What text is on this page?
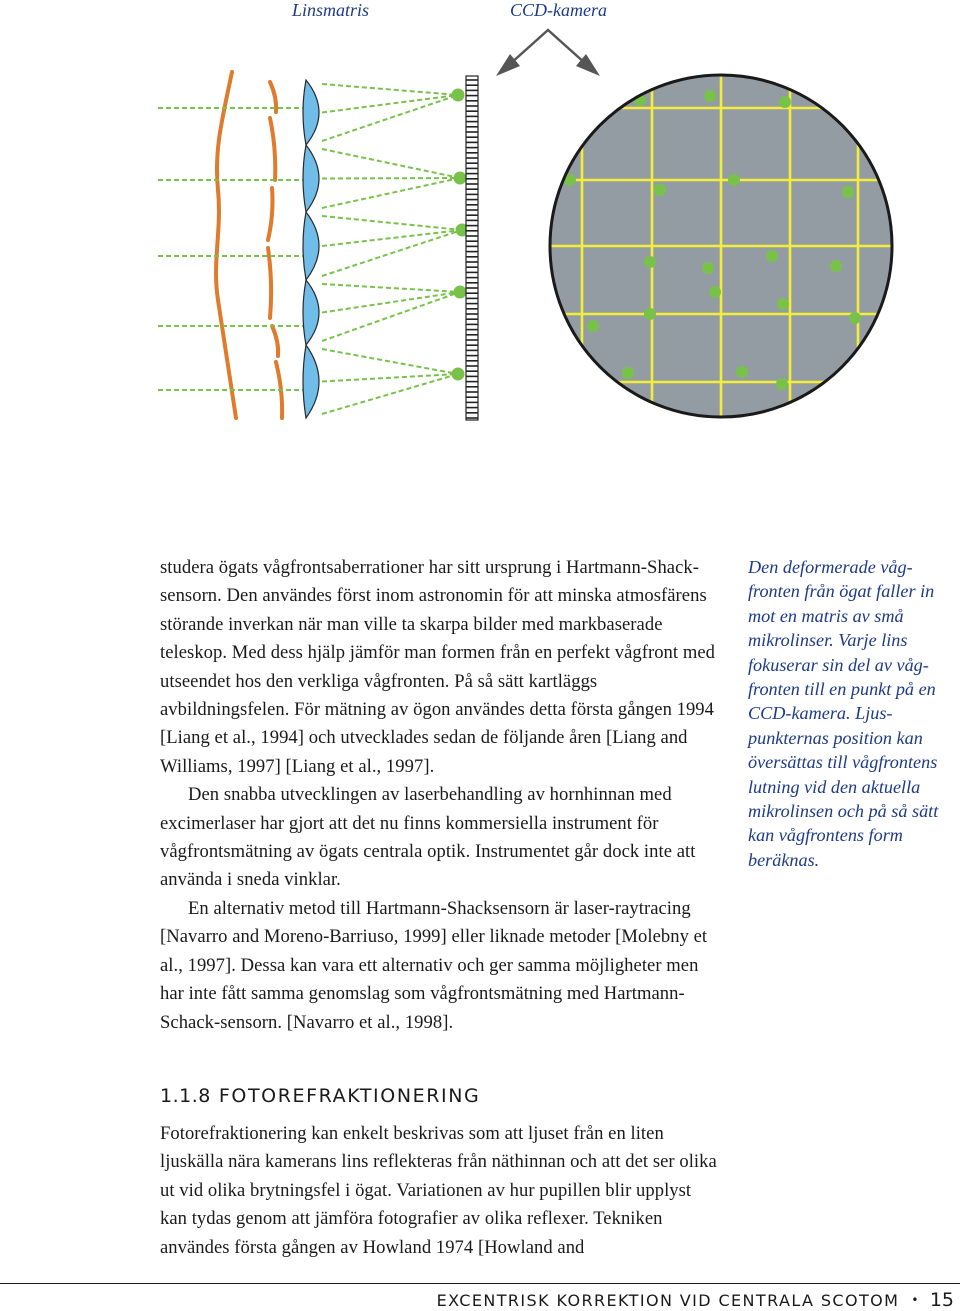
Linsmatris	CCD-kamera

studera ögats vågfrontsaberrationer har sitt ursprung i Hartmann-Shack-sensorn. Den användes först inom astronomin för att minska atmosfärens störande inverkan när man ville ta skarpa bilder med markbaserade teleskop. Med dess hjälp jämför man formen från en perfekt vågfront med utseendet hos den verkliga vågfronten. På så sätt kartläggs avbildningsfelen. För mätning av ögon användes detta första gången 1994 [Liang et al., 1994] och utvecklades sedan de följande åren [Liang and Williams, 1997] [Liang et al., 1997].

Den snabba utvecklingen av laserbehandling av hornhinnan med excimerlaser har gjort att det nu finns kommersiella instrument för vågfrontsmätning av ögats centrala optik. Instrumentet går dock inte att använda i sneda vinklar.

En alternativ metod till Hartmann-Shacksensorn är laser-raytracing [Navarro and Moreno-Barriuso, 1999] eller liknade metoder [Molebny et al., 1997]. Dessa kan vara ett alternativ och ger samma möjligheter men har inte fått samma genomslag som vågfrontsmätning med Hartmann-Schack-sensorn. [Navarro et al., 1998].

1.1.8 FOTOREFRAKTIONERING

Fotorefraktionering kan enkelt beskrivas som att ljuset från en liten ljuskälla nära kamerans lins reflekteras från näthinnan och att det ser olika ut vid olika brytningsfel i ögat. Variationen av hur pupillen blir upplyst kan tydas genom att jämföra fotografier av olika reflexer. Tekniken användes första gången av Howland 1974 [Howland and

Den deformerade våg-
fronten från ögat faller in
mot en matris av små
mikrolinser. Varje lins
fokuserar sin del av våg-
fronten till en punkt på en
CCD-kamera. Ljus-
punkternas position kan
översättas till vågfrontens
lutning vid den aktuella
mikrolinsen och på så sätt
kan vågfrontens form
beräknas.
EXCENTRISK KORREKTION VID CENTRALA SCOTOM • 15
